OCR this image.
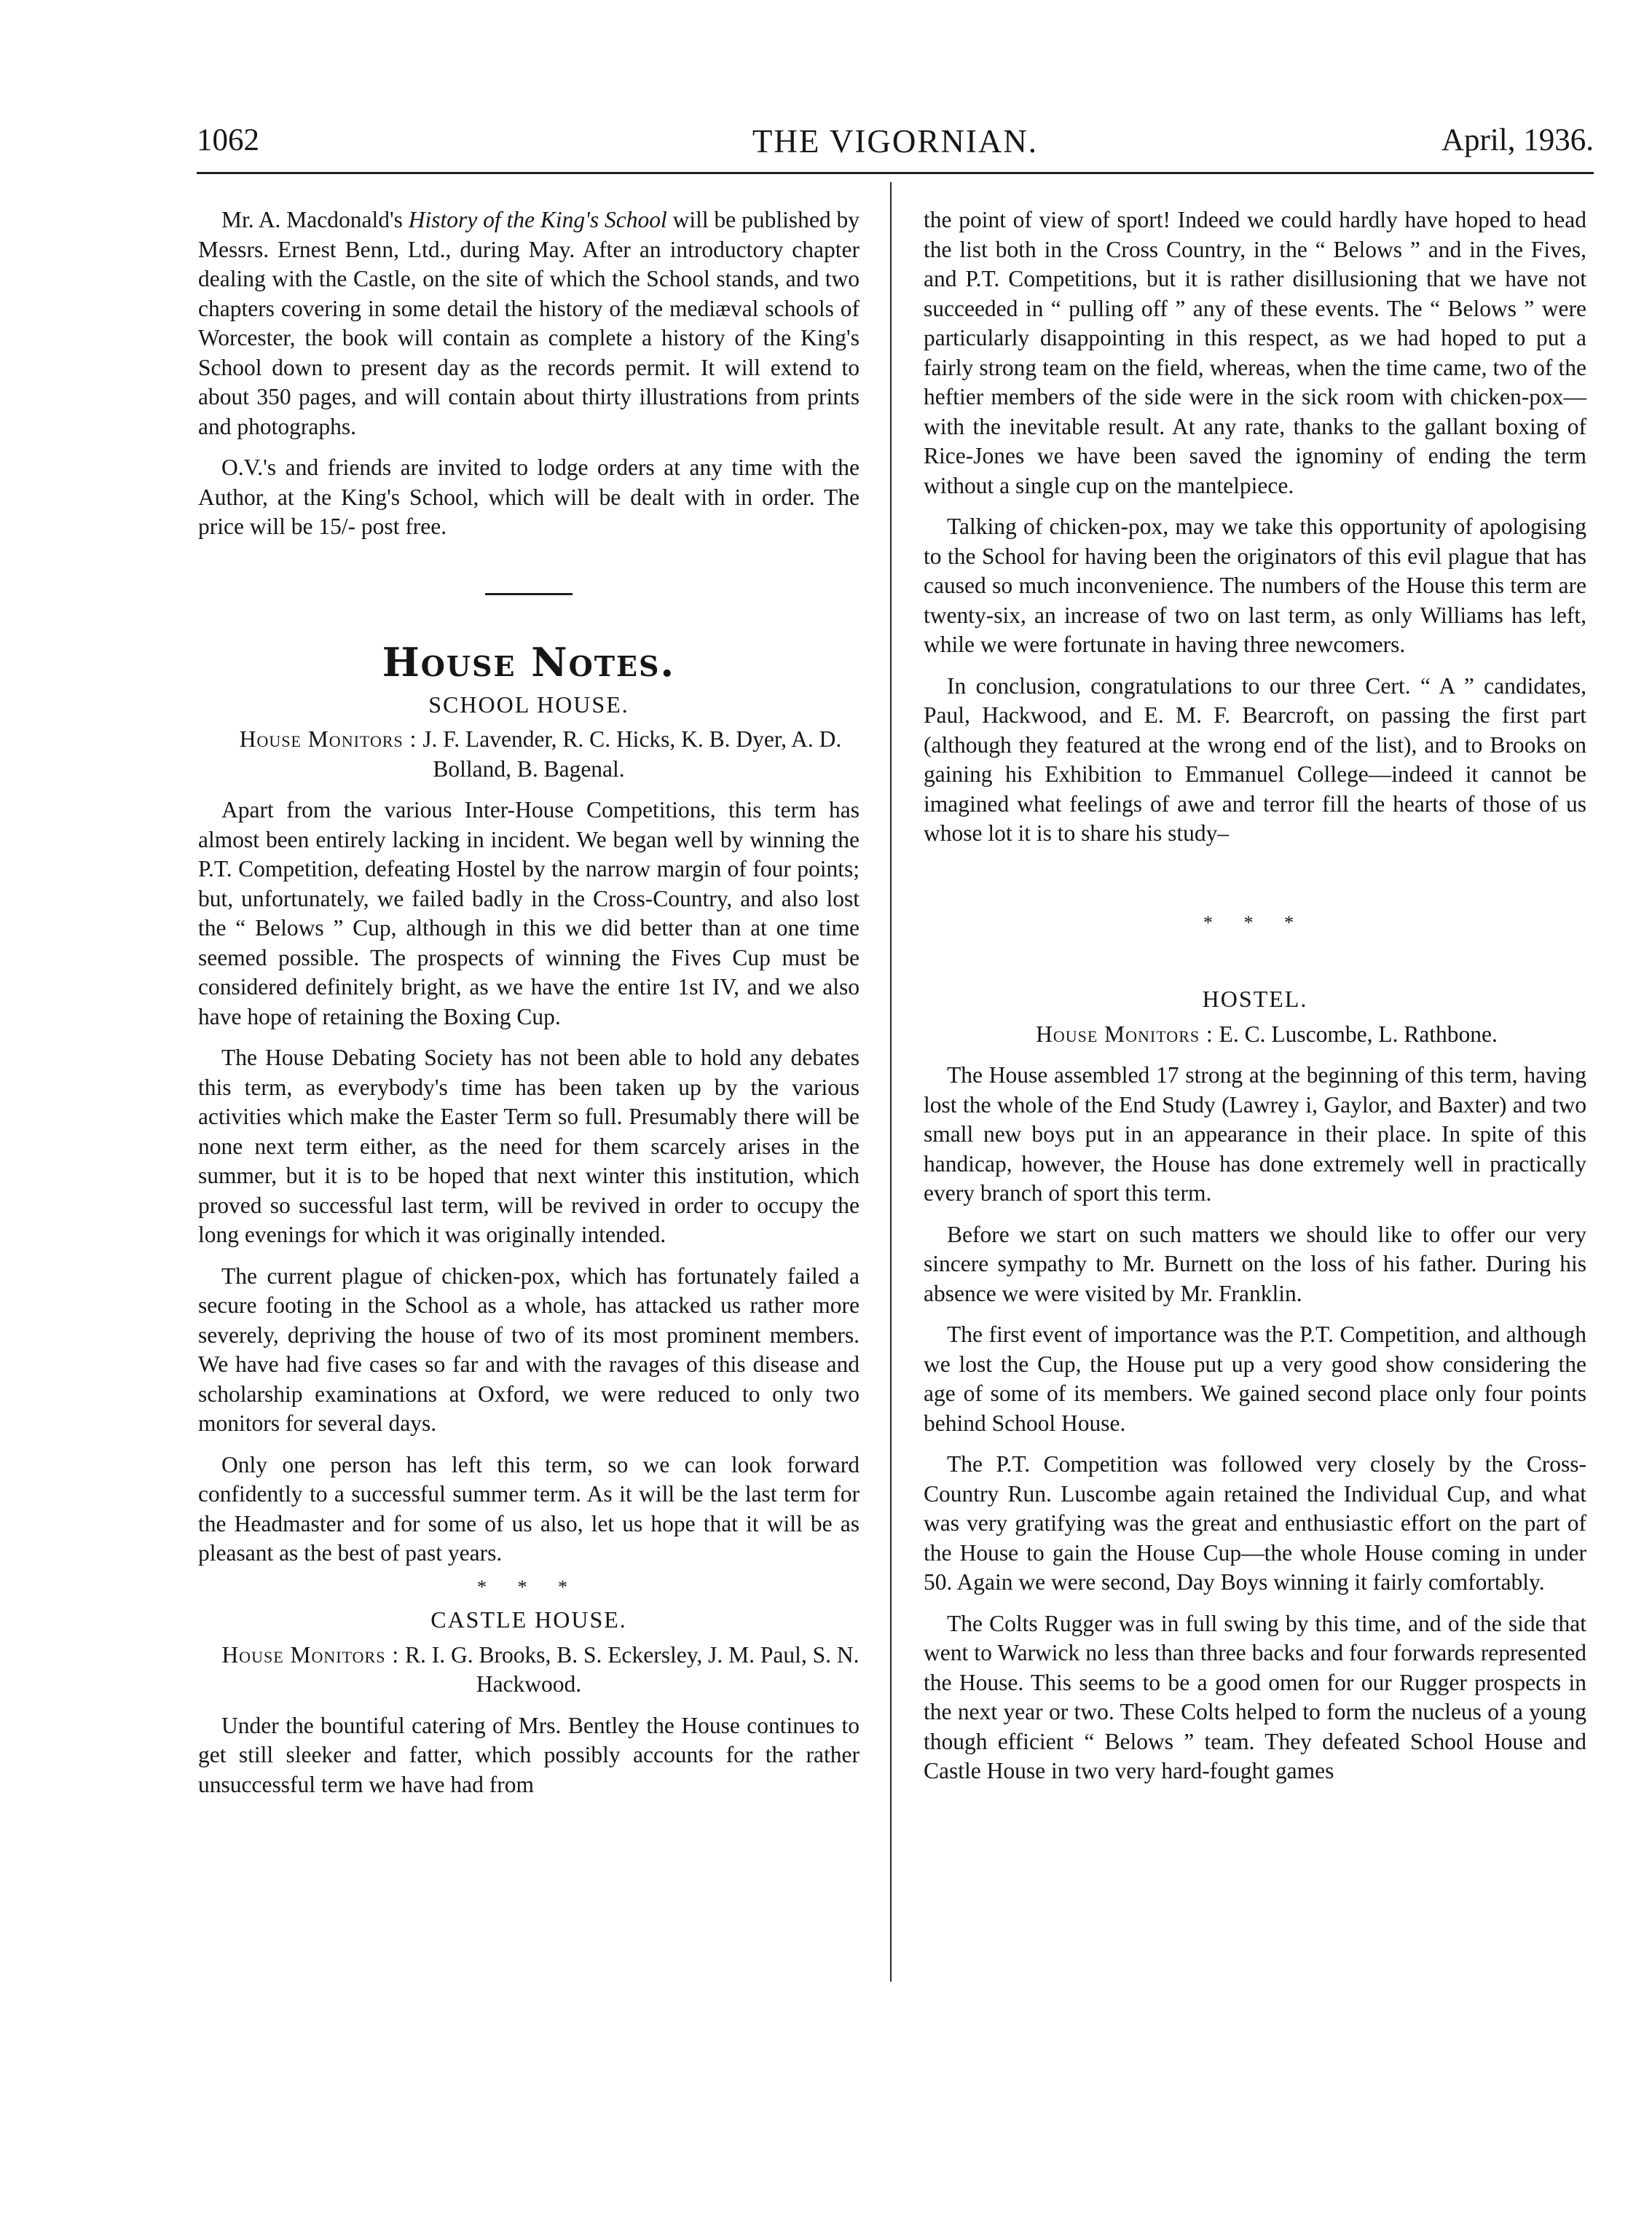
1062	THE VIGORNIAN.	April, 1936.

Mr. A. Macdonald's History of the King's School will be published by Messrs. Ernest Benn, Ltd., during May. After an introductory chapter dealing with the Castle, on the site of which the School stands, and two chapters covering in some detail the history of the mediæval schools of Worcester, the book will contain as complete a history of the King's School down to present day as the records permit. It will extend to about 350 pages, and will contain about thirty illustrations from prints and photographs.

O.V.'s and friends are invited to lodge orders at any time with the Author, at the King's School, which will be dealt with in order. The price will be 15/- post free.

House Notes.
SCHOOL HOUSE.

House Monitors : J. F. Lavender, R. C. Hicks, K. B. Dyer, A. D. Bolland, B. Bagenal.

Apart from the various Inter-House Competitions, this term has almost been entirely lacking in incident. We began well by winning the P.T. Competition, defeating Hostel by the narrow margin of four points; but, unfortunately, we failed badly in the Cross-Country, and also lost the “ Belows ” Cup, although in this we did better than at one time seemed possible. The prospects of winning the Fives Cup must be considered definitely bright, as we have the entire 1st IV, and we also have hope of retaining the Boxing Cup.

The House Debating Society has not been able to hold any debates this term, as everybody's time has been taken up by the various activities which make the Easter Term so full. Presumably there will be none next term either, as the need for them scarcely arises in the summer, but it is to be hoped that next winter this institution, which proved so successful last term, will be revived in order to occupy the long evenings for which it was originally intended.

The current plague of chicken-pox, which has fortunately failed a secure footing in the School as a whole, has attacked us rather more severely, depriving the house of two of its most prominent members. We have had five cases so far and with the ravages of this disease and scholarship examinations at Oxford, we were reduced to only two monitors for several days.

Only one person has left this term, so we can look forward confidently to a successful summer term. As it will be the last term for the Headmaster and for some of us also, let us hope that it will be as pleasant as the best of past years.

* * *
CASTLE HOUSE.

House Monitors : R. I. G. Brooks, B. S. Eckersley, J. M. Paul, S. N. Hackwood.

Under the bountiful catering of Mrs. Bentley the House continues to get still sleeker and fatter, which possibly accounts for the rather unsuccessful term we have had from

the point of view of sport! Indeed we could hardly have hoped to head the list both in the Cross Country, in the “ Belows ” and in the Fives, and P.T. Competitions, but it is rather disillusioning that we have not succeeded in “ pulling off ” any of these events. The “ Belows ” were particularly disappointing in this respect, as we had hoped to put a fairly strong team on the field, whereas, when the time came, two of the heftier members of the side were in the sick room with chicken-pox—with the inevitable result. At any rate, thanks to the gallant boxing of Rice-Jones we have been saved the ignominy of ending the term without a single cup on the mantelpiece.

Talking of chicken-pox, may we take this opportunity of apologising to the School for having been the originators of this evil plague that has caused so much inconvenience. The numbers of the House this term are twenty-six, an increase of two on last term, as only Williams has left, while we were fortunate in having three newcomers.

In conclusion, congratulations to our three Cert. “ A ” candidates, Paul, Hackwood, and E. M. F. Bearcroft, on passing the first part (although they featured at the wrong end of the list), and to Brooks on gaining his Exhibition to Emmanuel College—indeed it cannot be imagined what feelings of awe and terror fill the hearts of those of us whose lot it is to share his study–

* * *
HOSTEL.

House Monitors : E. C. Luscombe, L. Rathbone.

The House assembled 17 strong at the beginning of this term, having lost the whole of the End Study (Lawrey i, Gaylor, and Baxter) and two small new boys put in an appearance in their place. In spite of this handicap, however, the House has done extremely well in practically every branch of sport this term.

Before we start on such matters we should like to offer our very sincere sympathy to Mr. Burnett on the loss of his father. During his absence we were visited by Mr. Franklin.

The first event of importance was the P.T. Competition, and although we lost the Cup, the House put up a very good show considering the age of some of its members. We gained second place only four points behind School House.

The P.T. Competition was followed very closely by the Cross-Country Run. Luscombe again retained the Individual Cup, and what was very gratifying was the great and enthusiastic effort on the part of the House to gain the House Cup—the whole House coming in under 50. Again we were second, Day Boys winning it fairly comfortably.

The Colts Rugger was in full swing by this time, and of the side that went to Warwick no less than three backs and four forwards represented the House. This seems to be a good omen for our Rugger prospects in the next year or two. These Colts helped to form the nucleus of a young though efficient “ Belows ” team. They defeated School House and Castle House in two very hard-fought games
